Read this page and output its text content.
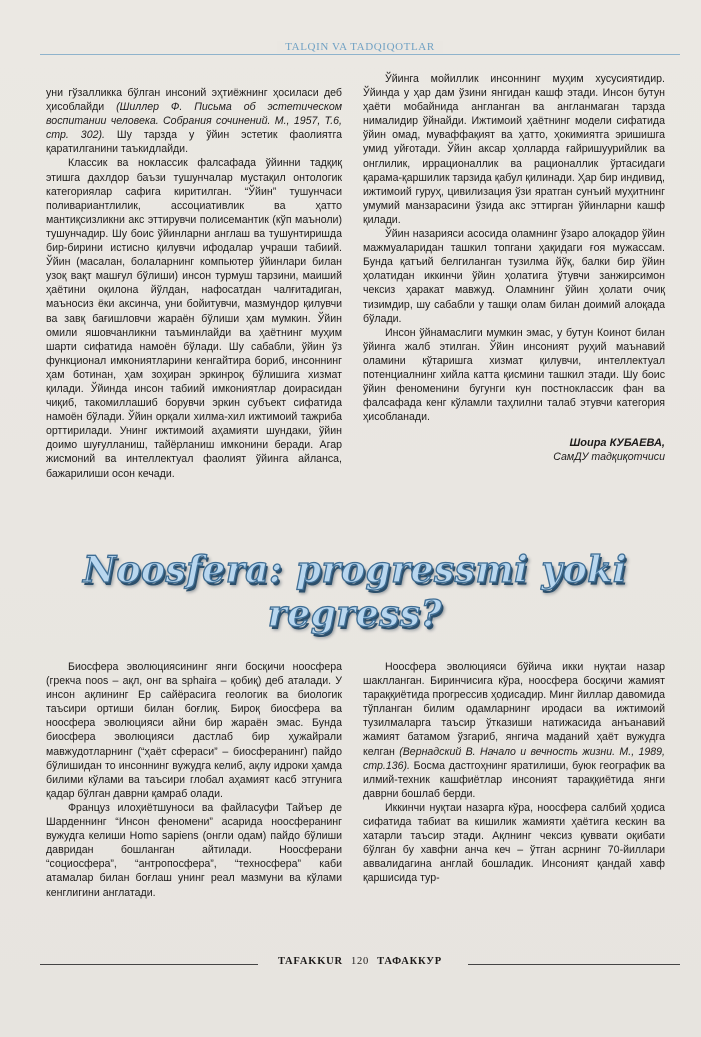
TALQIN VA TADQIQOTLAR

уни гўзалликка бўлган инсоний эҳтиёжнинг ҳосиласи деб ҳисоблайди (Шиллер Ф. Письма об эстетическом воспитании человека. Собрания сочинений. М., 1957, Т.6, стр. 302). Шу тарзда у ўйин эстетик фаолиятга қаратилганини таъкидлайди.

Классик ва ноклассик фалсафада ўйинни тадқиқ этишга дахлдор баъзи тушунчалар мустақил онтологик категориялар сафига киритилган. “Ўйин” тушунчаси поливариантлилик, ассоциативлик ва ҳатто мантиқсизликни акс эттирувчи полисемантик (кўп маъноли) тушунчадир. Шу боис ўйинларни англаш ва тушунтиришда бир-бирини истисно қилувчи ифодалар учраши табиий. Ўйин (масалан, болаларнинг компьютер ўйинлари билан узоқ вақт машғул бўлиши) инсон турмуш тарзини, маиший ҳаётини оқилона йўлдан, нафосатдан чалғитадиган, маъносиз ёки аксинча, уни бойитувчи, мазмундор қилувчи ва завқ бағишловчи жараён бўлиши ҳам мумкин. Ўйин омили яшовчанликни таъминлайди ва ҳаётнинг муҳим шарти сифатида намоён бўлади. Шу сабабли, ўйин ўз функционал имкониятларини кенгайтира бориб, инсоннинг ҳам ботинан, ҳам зоҳиран эркинроқ бўлишига хизмат қилади. Ўйинда инсон табиий имкониятлар доирасидан чиқиб, такомиллашиб борувчи эркин субъект сифатида намоён бўлади. Ўйин орқали хилма-хил ижтимоий тажриба орттирилади. Унинг ижтимоий аҳамияти шундаки, ўйин доимо шуғулланиш, тайёрланиш имконини беради. Агар жисмоний ва интеллектуал фаолият ўйинга айланса, бажарилиши осон кечади.

Ўйинга мойиллик инсоннинг муҳим хусусиятидир. Ўйинда у ҳар дам ўзини янгидан кашф этади. Инсон бутун ҳаёти мобайнида англанган ва англанмаган тарзда нималидир ўйнайди. Ижтимоий ҳаётнинг модели сифатида ўйин омад, муваффақият ва ҳатто, ҳокимиятга эришишга умид уйғотади. Ўйин аксар ҳолларда ғайришуурийлик ва онглилик, иррационаллик ва рационаллик ўртасидаги қарама-қаршилик тарзида қабул қилинади. Ҳар бир индивид, ижтимоий гуруҳ, цивилизация ўзи яратган сунъий муҳитнинг умумий манзарасини ўзида акс эттирган ўйинларни кашф қилади.

Ўйин назарияси асосида оламнинг ўзаро алоқадор ўйин мажмуаларидан ташкил топгани ҳақидаги ғоя мужассам. Бунда қатъий белгиланган тузилма йўқ, балки бир ўйин ҳолатидан иккинчи ўйин ҳолатига ўтувчи занжирсимон чексиз ҳаракат мавжуд. Оламнинг ўйин ҳолати очиқ тизимдир, шу сабабли у ташқи олам билан доимий алоқада бўлади.

Инсон ўйнамаслиги мумкин эмас, у бутун Коинот билан ўйинга жалб этилган. Ўйин инсоният руҳий маънавий оламини кўтаришга хизмат қилувчи, интеллектуал потенциалнинг хийла катта қисмини ташкил этади. Шу боис ўйин феноменини бугунги кун постноклассик фан ва фалсафада кенг кўламли таҳлилни талаб этувчи категория ҳисобланади.

Шоира КУБАЕВА,
СамДУ тадқиқотчиси
Noosfera: progressmi yoki regress?

Биосфера эволюциясининг янги босқичи ноосфера (грекча noos – ақл, онг ва sphaira – қобиқ) деб аталади. У инсон ақлининг Ер сайёрасига геологик ва биологик таъсири ортиши билан боғлиқ. Бироқ биосфера ва ноосфера эволюцияси айни бир жараён эмас. Бунда биосфера эволюцияси дастлаб бир ҳужайрали мавжудотларнинг (“ҳаёт сфераси” – биосферанинг) пайдо бўлишидан то инсоннинг вужудга келиб, ақлу идроки ҳамда билими кўлами ва таъсири глобал аҳамият касб этгунига қадар бўлган даврни қамраб олади.

Француз илоҳиётшуноси ва файласуфи Тайъер де Шарденнинг “Инсон феномени” асарида ноосферанинг вужудга келиши Homo sapiens (онгли одам) пайдо бўлиши давридан бошланган айтилади. Ноосферани “социосфера”, “антропосфера”, “техносфера” каби атамалар билан боғлаш унинг реал мазмуни ва кўлами кенглигини англатади.

Ноосфера эволюцияси бўйича икки нуқтаи назар шаклланган. Биринчисига кўра, ноосфера босқичи жамият тараққиётида прогрессив ҳодисадир. Минг йиллар давомида тўпланган билим одамларнинг иродаси ва ижтимоий тузилмаларга таъсир ўтказиши натижасида анъанавий жамият батамом ўзгариб, янгича маданий ҳаёт вужудга келган (Вернадский В. Начало и вечность жизни. М., 1989, стр.136). Босма дастгоҳнинг яратилиши, буюк географик ва илмий-техник кашфиётлар инсоният тараққиётида янги даврни бошлаб берди.

Иккинчи нуқтаи назарга кўра, ноосфера салбий ҳодиса сифатида табиат ва кишилик жамияти ҳаётига кескин ва хатарли таъсир этади. Ақлнинг чексиз қуввати оқибати бўлган бу хавфни анча кеч – ўтган асрнинг 70-йиллари аввалидагина англай бошладик. Инсоният қандай хавф қаршисида тур-

TAFAKKUR 120 ТАФАККУР
